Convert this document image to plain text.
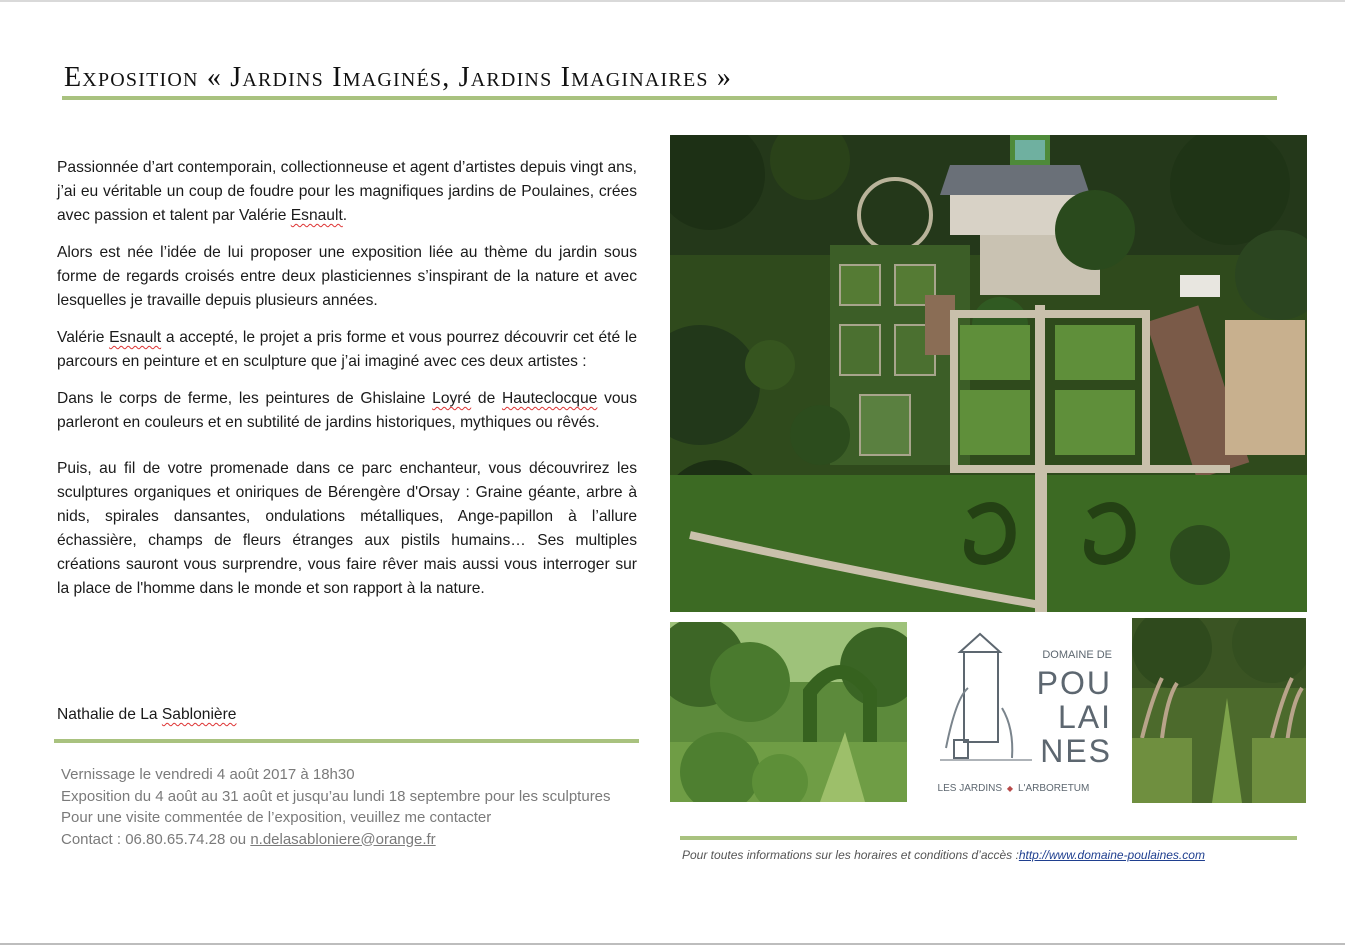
Exposition « Jardins Imaginés, Jardins Imaginaires »

Passionnée d’art contemporain, collectionneuse et agent d’artistes depuis vingt ans, j’ai eu véritable un coup de foudre pour les magnifiques jardins de Poulaines, crées avec passion et talent par Valérie Esnault.

Alors est née l’idée de lui proposer une exposition liée au thème du jardin sous forme de regards croisés entre deux plasticiennes s’inspirant de la nature et avec lesquelles je travaille depuis plusieurs années.

Valérie Esnault a accepté, le projet a pris forme et vous pourrez découvrir cet été le parcours en peinture et en sculpture que j’ai imaginé avec ces deux artistes :

Dans le corps de ferme, les peintures de Ghislaine Loyré de Hauteclocque vous parleront en couleurs et en subtilité de jardins historiques, mythiques ou rêvés.

Puis, au fil de votre promenade dans ce parc enchanteur, vous découvrirez les sculptures organiques et oniriques de Bérengère d'Orsay : Graine géante, arbre à nids, spirales dansantes, ondulations métalliques, Ange-papillon à l’allure échassière, champs de fleurs étranges aux pistils humains… Ses multiples créations sauront vous surprendre, vous faire rêver mais aussi vous interroger sur la place de l'homme dans le monde et son rapport à la nature.

Nathalie de La Sablonière
Vernissage le vendredi 4 août 2017 à 18h30
Exposition du 4 août au 31 août et jusqu’au lundi 18 septembre pour les sculptures
Pour une visite commentée de l’exposition, veuillez me contacter
Contact : 06.80.65.74.28 ou n.delasabloniere@orange.fr
DOMAINE DE
POU
LAI
NES
LES JARDINS ◆ L'ARBORETUM
Pour toutes informations sur les horaires et conditions d’accès :http://www.domaine-poulaines.com
